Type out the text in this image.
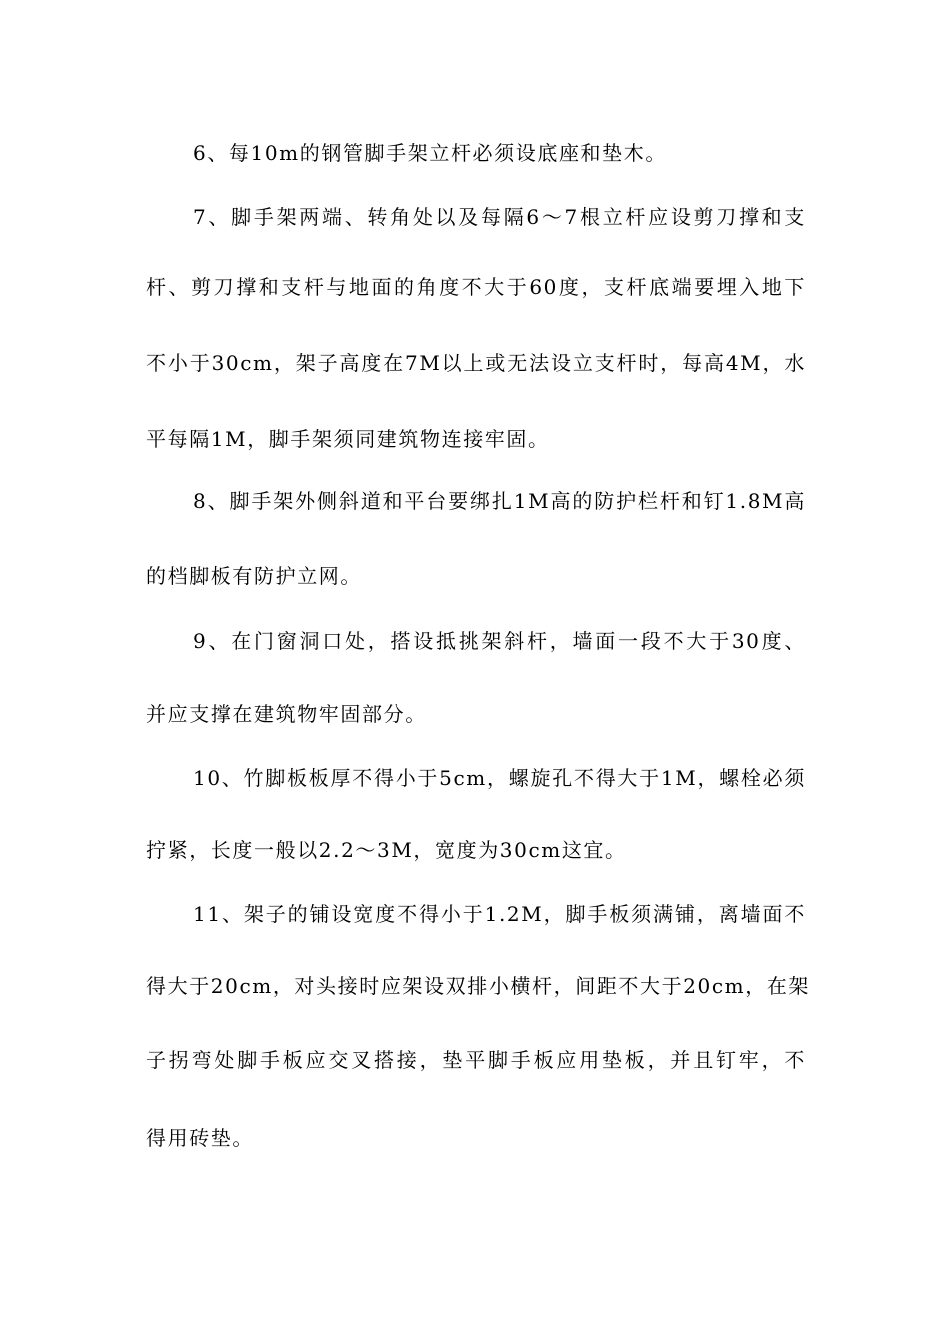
6、每10m的钢管脚手架立杆必须设底座和垫木。
7、脚手架两端、转角处以及每隔6～7根立杆应设剪刀撑和支
杆、剪刀撑和支杆与地面的角度不大于60度，支杆底端要埋入地下
不小于30cm，架子高度在7M以上或无法设立支杆时，每高4M，水
平每隔1M，脚手架须同建筑物连接牢固。
8、脚手架外侧斜道和平台要绑扎1M高的防护栏杆和钉1.8M高
的档脚板有防护立网。
9、在门窗洞口处，搭设抵挑架斜杆，墙面一段不大于30度、
并应支撑在建筑物牢固部分。
10、竹脚板板厚不得小于5cm，螺旋孔不得大于1M，螺栓必须
拧紧，长度一般以2.2～3M，宽度为30cm这宜。
11、架子的铺设宽度不得小于1.2M，脚手板须满铺，离墙面不
得大于20cm，对头接时应架设双排小横杆，间距不大于20cm，在架
子拐弯处脚手板应交叉搭接，垫平脚手板应用垫板，并且钉牢，不
得用砖垫。
